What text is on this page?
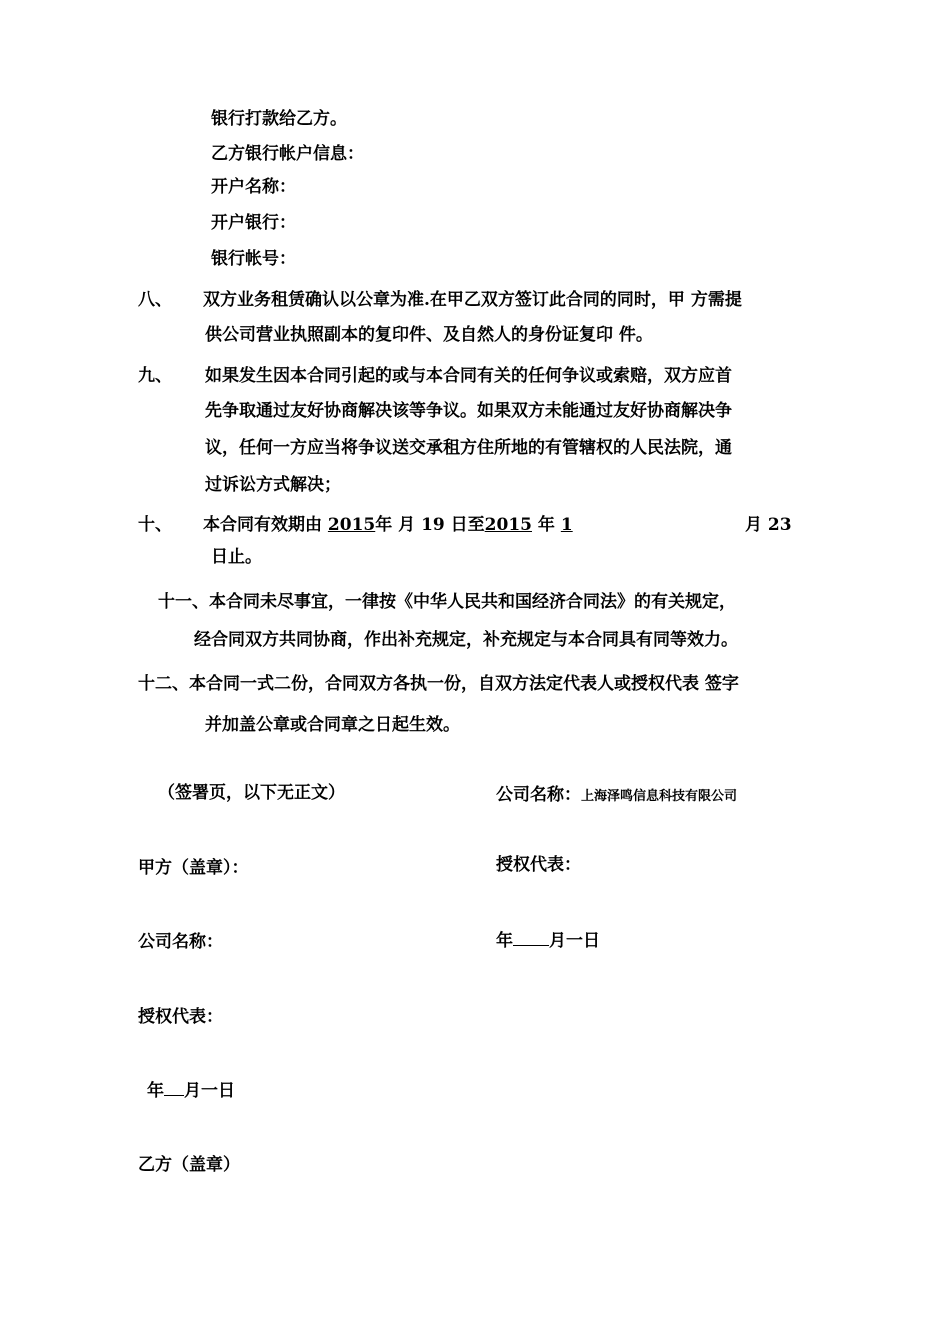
银行打款给乙方。
乙方银行帐户信息：
开户名称：
开户银行：
银行帐号：
八、 双方业务租赁确认以公章为准.在甲乙双方签订此合同的同时，甲 方需提
供公司营业执照副本的复印件、及自然人的身份证复印 件。
九、 如果发生因本合同引起的或与本合同有关的任何争议或索赔，双方应首
先争取通过友好协商解决该等争议。如果双方未能通过友好协商解决争
议，任何一方应当将争议送交承租方住所地的有管辖权的人民法院，通
过诉讼方式解决；
十、 本合同有效期由 2015年 月 19 日至2015 年 1	月 23
日止。
十一、本合同未尽事宜，一律按《中华人民共和国经济合同法》的有关规定，
经合同双方共同协商，作出补充规定，补充规定与本合同具有同等效力。
十二、本合同一式二份，合同双方各执一份，自双方法定代表人或授权代表 签字
并加盖公章或合同章之日起生效。
（签署页，以下无正文）	公司名称：上海泽鸣信息科技有限公司
甲方（盖章）：	授权代表：
公司名称：	年 月一日
授权代表：
年 月一日
乙方（盖章）
